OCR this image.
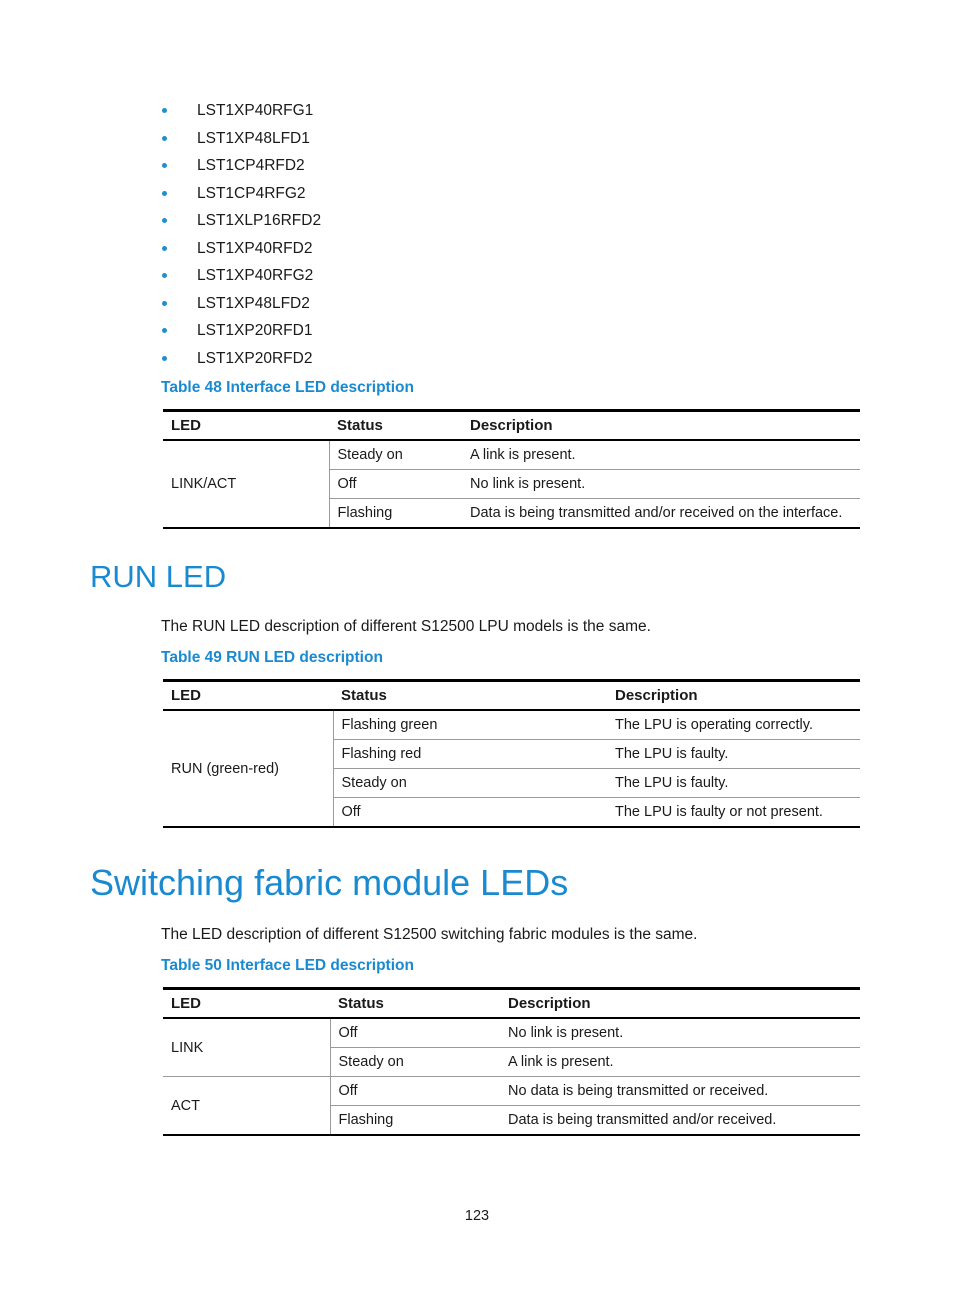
LST1XP40RFG1
LST1XP48LFD1
LST1CP4RFD2
LST1CP4RFG2
LST1XLP16RFD2
LST1XP40RFD2
LST1XP40RFG2
LST1XP48LFD2
LST1XP20RFD1
LST1XP20RFD2
Table 48 Interface LED description
LED	Status	Description
LINK/ACT	Steady on	A link is present.
	Off	No link is present.
	Flashing	Data is being transmitted and/or received on the interface.
RUN LED
The RUN LED description of different S12500 LPU models is the same.
Table 49 RUN LED description
LED	Status	Description
RUN (green-red)	Flashing green	The LPU is operating correctly.
	Flashing red	The LPU is faulty.
	Steady on	The LPU is faulty.
	Off	The LPU is faulty or not present.
Switching fabric module LEDs
The LED description of different S12500 switching fabric modules is the same.
Table 50 Interface LED description
LED	Status	Description
LINK	Off	No link is present.
	Steady on	A link is present.
ACT	Off	No data is being transmitted or received.
	Flashing	Data is being transmitted and/or received.
123
